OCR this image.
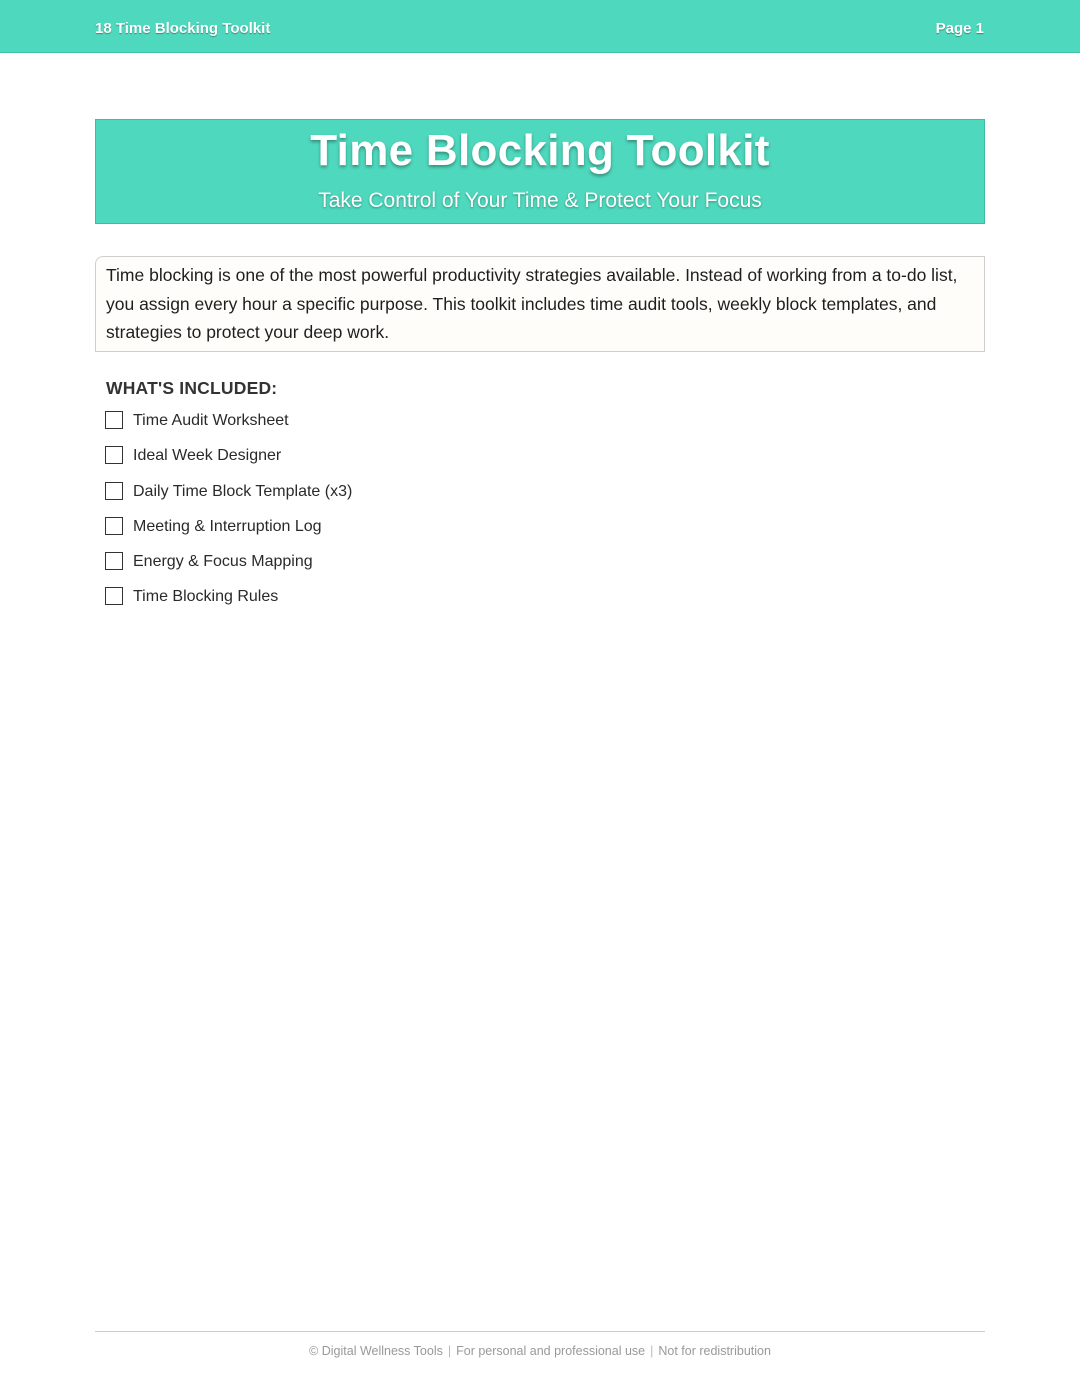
18 Time Blocking Toolkit	Page 1
Time Blocking Toolkit
Take Control of Your Time & Protect Your Focus
Time blocking is one of the most powerful productivity strategies available. Instead of working from a to-do list, you assign every hour a specific purpose. This toolkit includes time audit tools, weekly block templates, and strategies to protect your deep work.
WHAT'S INCLUDED:
Time Audit Worksheet
Ideal Week Designer
Daily Time Block Template (x3)
Meeting & Interruption Log
Energy & Focus Mapping
Time Blocking Rules
© Digital Wellness Tools | For personal and professional use | Not for redistribution
